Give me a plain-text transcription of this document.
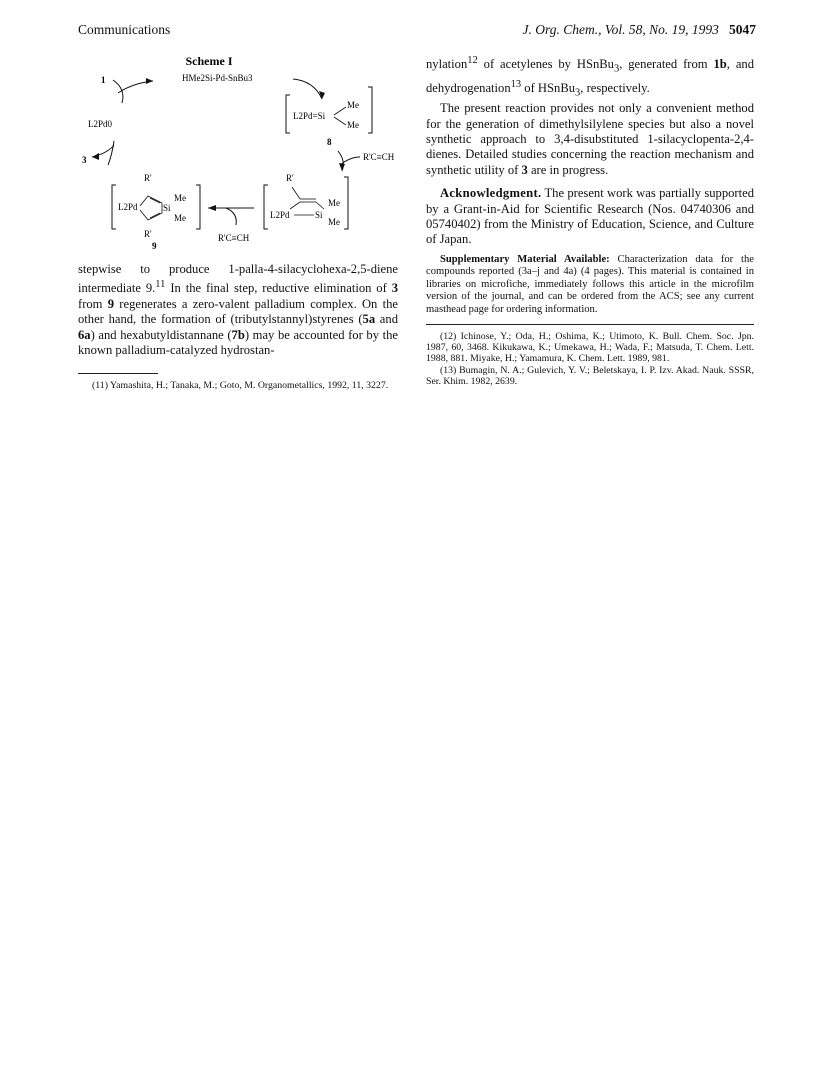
Communications	J. Org. Chem., Vol. 58, No. 19, 1993 5047
Scheme I
1	HMe2Si-Pd-SnBu3
L2Pd0
L2Pd=Si
Me
Me
8
R'C≡CH
3
R'
L2Pd	Si
Me
Me
R'
9
R'C≡CH
R'
L2Pd	Si
Me
Me

stepwise to produce 1-palla-4-silacyclohexa-2,5-diene intermediate 9.11 In the final step, reductive elimination of 3 from 9 regenerates a zero-valent palladium complex. On the other hand, the formation of (tributylstannyl)styrenes (5a and 6a) and hexabutyldistannane (7b) may be accounted for by the known palladium-catalyzed hydrostan-

(11) Yamashita, H.; Tanaka, M.; Goto, M. Organometallics, 1992, 11, 3227.

nylation$^{12}$ of acetylenes by HSnBu$_3$, generated from 1b, and dehydrogenation$^{13}$ of HSnBu$_3$, respectively.

The present reaction provides not only a convenient method for the generation of dimethylsilylene species but also a novel synthetic approach to 3,4-disubstituted 1-silacyclopenta-2,4-dienes. Detailed studies concerning the reaction mechanism and synthetic utility of 3 are in progress.

Acknowledgment. The present work was partially supported by a Grant-in-Aid for Scientific Research (Nos. 04740306 and 05740402) from the Ministry of Education, Science, and Culture of Japan.

Supplementary Material Available: Characterization data for the compounds reported (3a–j and 4a) (4 pages). This material is contained in libraries on microfiche, immediately follows this article in the microfilm version of the journal, and can be ordered from the ACS; see any current masthead page for ordering information.

(12) Ichinose, Y.; Oda, H.; Oshima, K.; Utimoto, K. Bull. Chem. Soc. Jpn. 1987, 60, 3468. Kikukawa, K.; Umekawa, H.; Wada, F.; Matsuda, T. Chem. Lett. 1988, 881. Miyake, H.; Yamamura, K. Chem. Lett. 1989, 981.

(13) Bumagin, N. A.; Gulevich, Y. V.; Beletskaya, I. P. Izv. Akad. Nauk. SSSR, Ser. Khim. 1982, 2639.
